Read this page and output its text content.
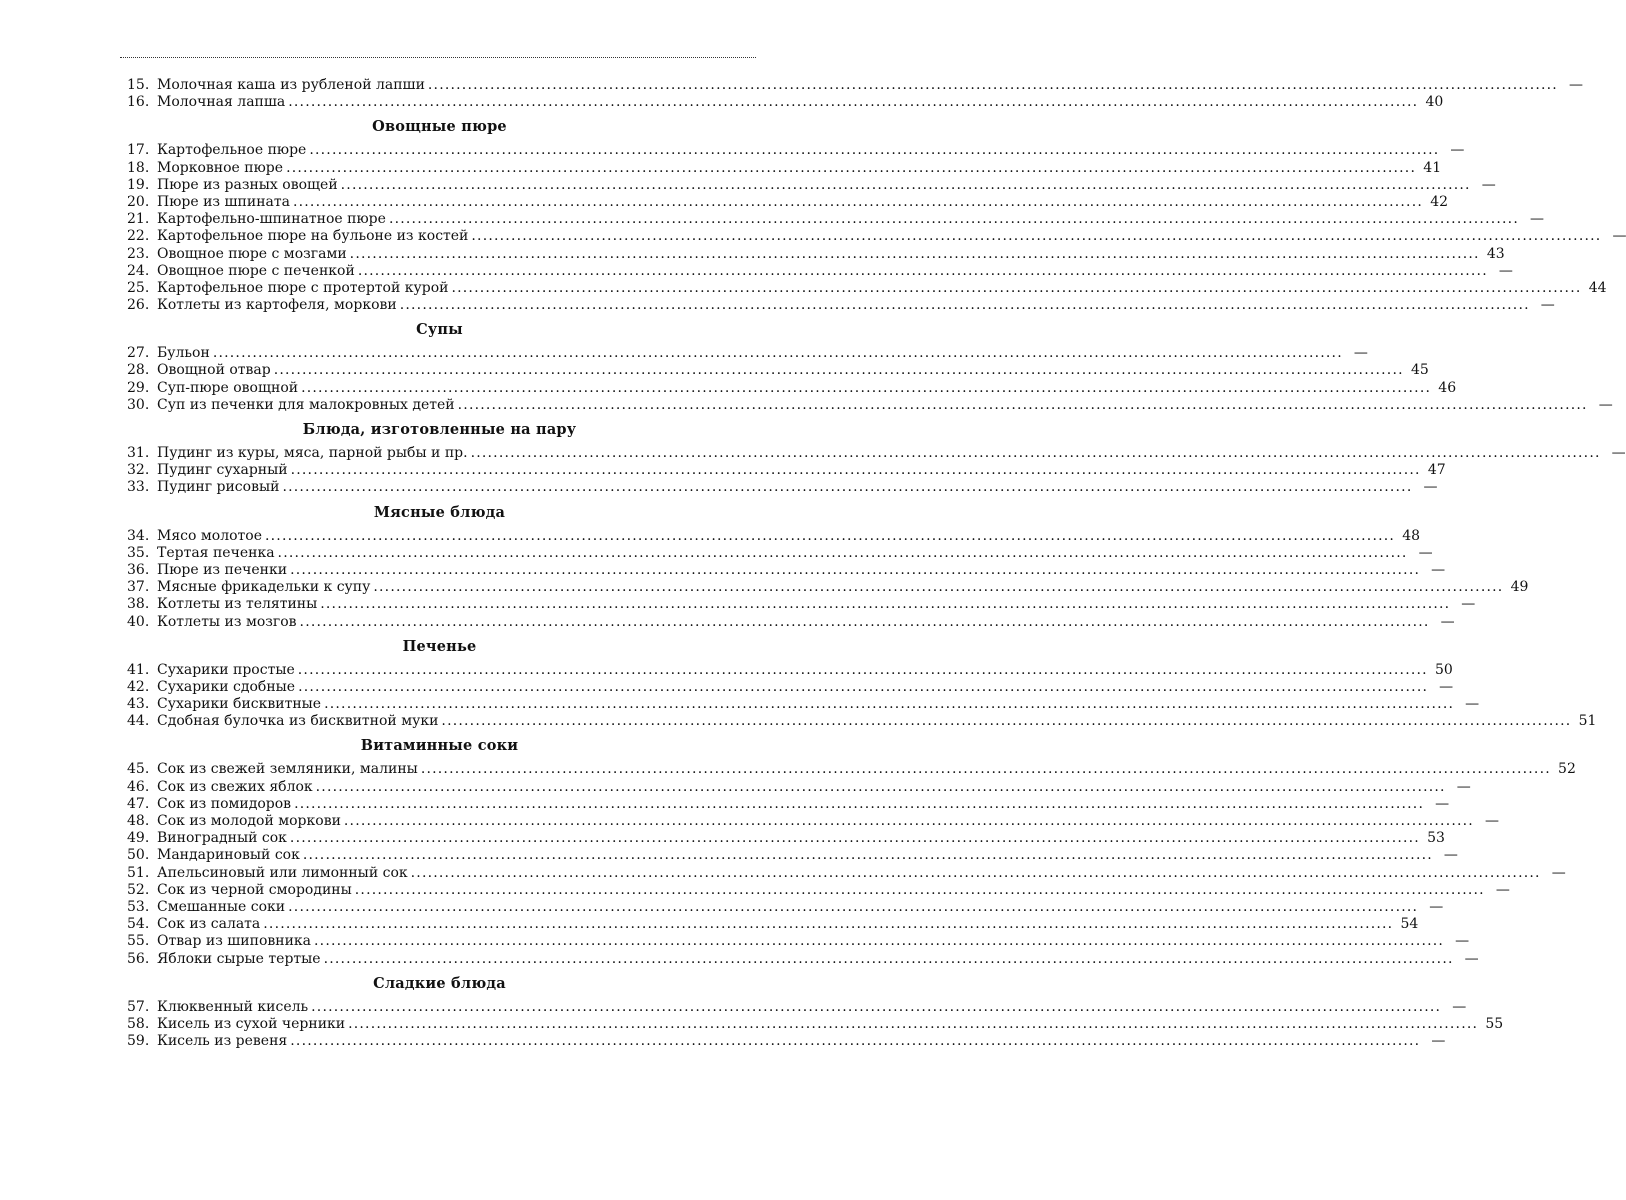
15. Молочная каша из рубленой лапши ........................................................................................................................................................................................................ —
16. Молочная лапша ........................................................................................................................................................................................................ 40
Овощные пюре
17. Картофельное пюре ........................................................................................................................................................................................................ —
18. Морковное пюре ........................................................................................................................................................................................................ 41
19. Пюре из разных овощей ........................................................................................................................................................................................................ —
20. Пюре из шпината ........................................................................................................................................................................................................ 42
21. Картофельно-шпинатное пюре ........................................................................................................................................................................................................ —
22. Картофельное пюре на бульоне из костей ........................................................................................................................................................................................................ —
23. Овощное пюре с мозгами ........................................................................................................................................................................................................ 43
24. Овощное пюре с печенкой ........................................................................................................................................................................................................ —
25. Картофельное пюре с протертой курой ........................................................................................................................................................................................................ 44
26. Котлеты из картофеля, моркови ........................................................................................................................................................................................................ —
Супы
27. Бульон ........................................................................................................................................................................................................ —
28. Овощной отвар ........................................................................................................................................................................................................ 45
29. Суп-пюре овощной ........................................................................................................................................................................................................ 46
30. Суп из печенки для малокровных детей ........................................................................................................................................................................................................ —
Блюда, изготовленные на пару
31. Пудинг из куры, мяса, парной рыбы и пр. ........................................................................................................................................................................................................ —
32. Пудинг сухарный ........................................................................................................................................................................................................ 47
33. Пудинг рисовый ........................................................................................................................................................................................................ —
Мясные блюда
34. Мясо молотое ........................................................................................................................................................................................................ 48
35. Тертая печенка ........................................................................................................................................................................................................ —
36. Пюре из печенки ........................................................................................................................................................................................................ —
37. Мясные фрикадельки к супу ........................................................................................................................................................................................................ 49
38. Котлеты из телятины ........................................................................................................................................................................................................ —
40. Котлеты из мозгов ........................................................................................................................................................................................................ —
Печенье
41. Сухарики простые ........................................................................................................................................................................................................ 50
42. Сухарики сдобные ........................................................................................................................................................................................................ —
43. Сухарики бисквитные ........................................................................................................................................................................................................ —
44. Сдобная булочка из бисквитной муки ........................................................................................................................................................................................................ 51
Витаминные соки
45. Сок из свежей земляники, малины ........................................................................................................................................................................................................ 52
46. Сок из свежих яблок ........................................................................................................................................................................................................ —
47. Сок из помидоров ........................................................................................................................................................................................................ —
48. Сок из молодой моркови ........................................................................................................................................................................................................ —
49. Виноградный сок ........................................................................................................................................................................................................ 53
50. Мандариновый сок ........................................................................................................................................................................................................ —
51. Апельсиновый или лимонный сок ........................................................................................................................................................................................................ —
52. Сок из черной смородины ........................................................................................................................................................................................................ —
53. Смешанные соки ........................................................................................................................................................................................................ —
54. Сок из салата ........................................................................................................................................................................................................ 54
55. Отвар из шиповника ........................................................................................................................................................................................................ —
56. Яблоки сырые тертые ........................................................................................................................................................................................................ —
Сладкие блюда
57. Клюквенный кисель ........................................................................................................................................................................................................ —
58. Кисель из сухой черники ........................................................................................................................................................................................................ 55
59. Кисель из ревеня ........................................................................................................................................................................................................ —
